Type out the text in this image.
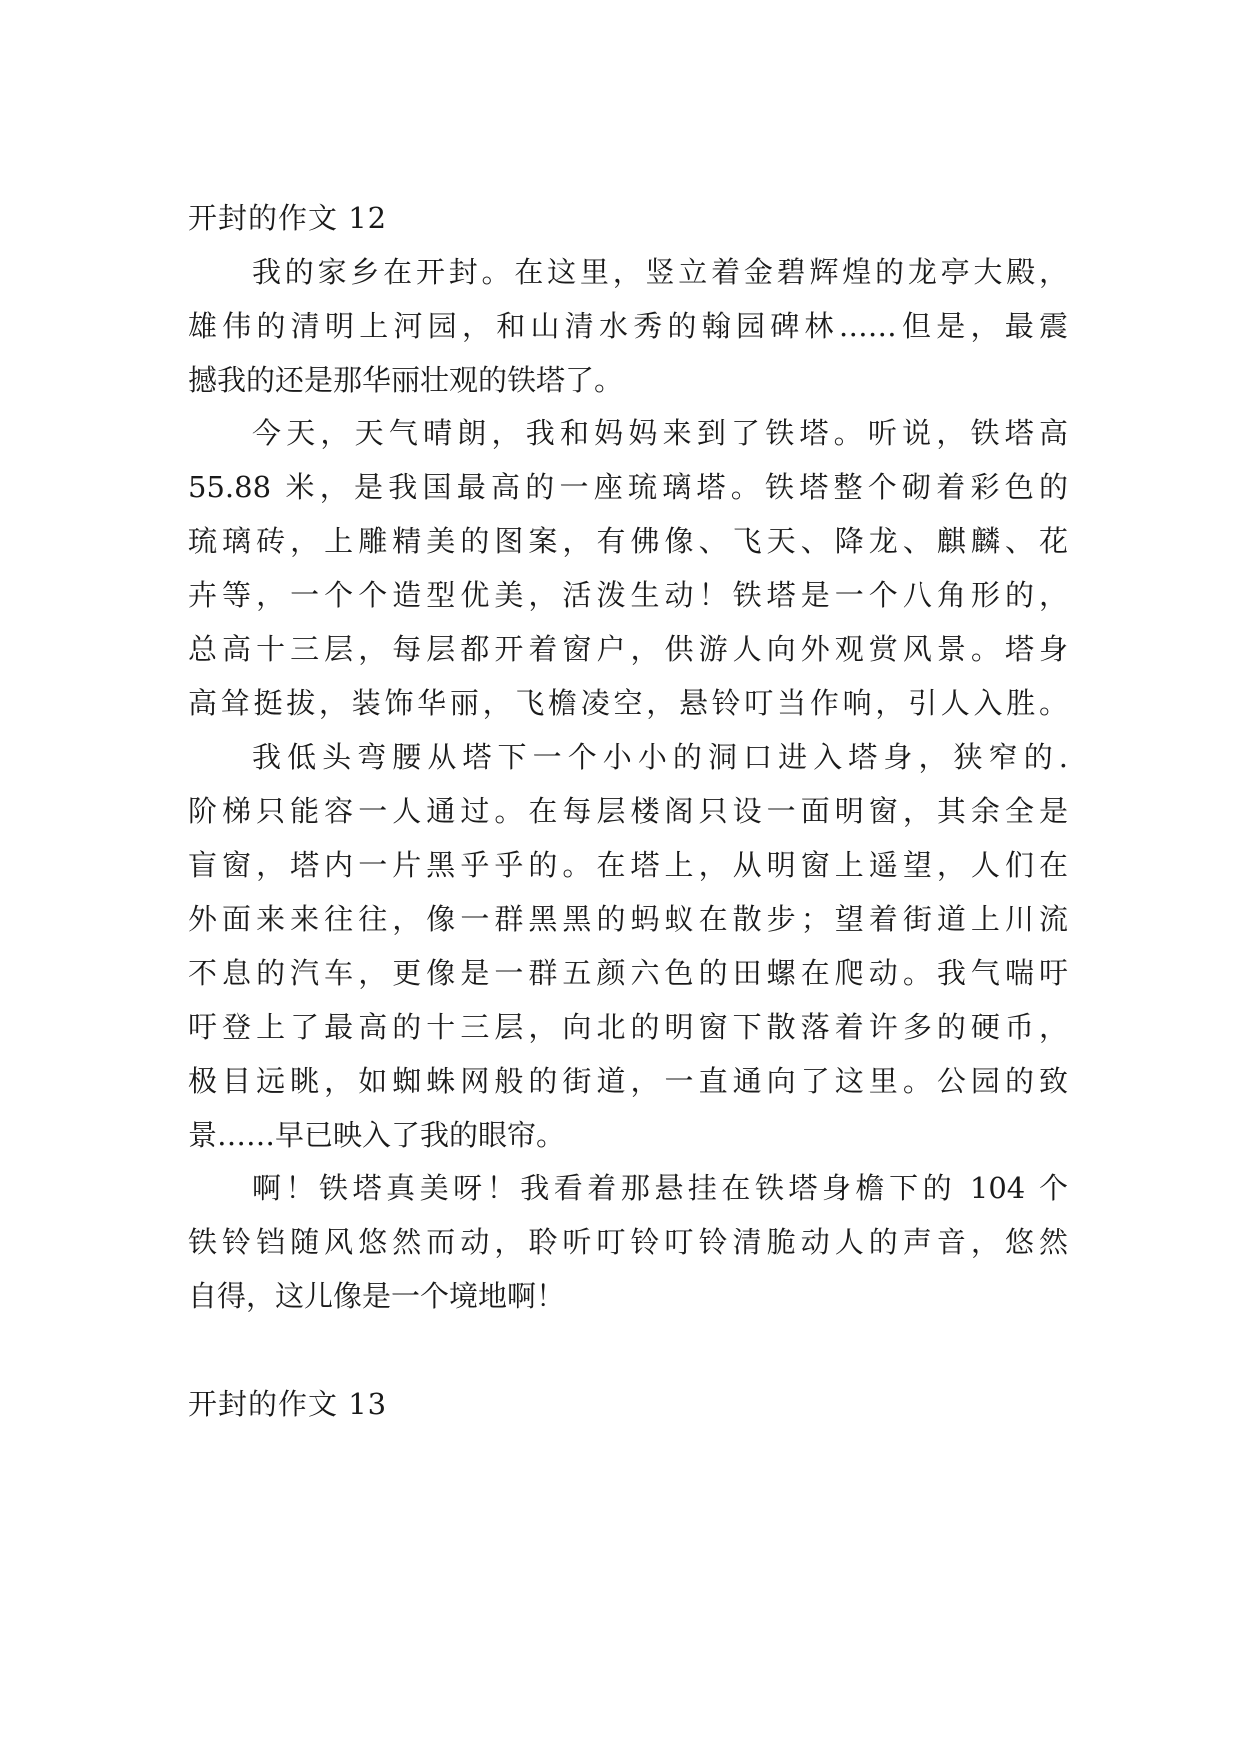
开封的作文 12
我的家乡在开封。在这里，竖立着金碧辉煌的龙亭大殿，
雄伟的清明上河园，和山清水秀的翰园碑林……但是，最震
撼我的还是那华丽壮观的铁塔了。
今天，天气晴朗，我和妈妈来到了铁塔。听说，铁塔高
55.88 米，是我国最高的一座琉璃塔。铁塔整个砌着彩色的
琉璃砖，上雕精美的图案，有佛像、飞天、降龙、麒麟、花
卉等，一个个造型优美，活泼生动！铁塔是一个八角形的，
总高十三层，每层都开着窗户，供游人向外观赏风景。塔身
高耸挺拔，装饰华丽，飞檐凌空，悬铃叮当作响，引人入胜。
我低头弯腰从塔下一个小小的洞口进入塔身，狭窄的.
阶梯只能容一人通过。在每层楼阁只设一面明窗，其余全是
盲窗，塔内一片黑乎乎的。在塔上，从明窗上遥望，人们在
外面来来往往，像一群黑黑的蚂蚁在散步；望着街道上川流
不息的汽车，更像是一群五颜六色的田螺在爬动。我气喘吁
吁登上了最高的十三层，向北的明窗下散落着许多的硬币，
极目远眺，如蜘蛛网般的街道，一直通向了这里。公园的致
景……早已映入了我的眼帘。
啊！铁塔真美呀！我看着那悬挂在铁塔身檐下的 104 个
铁铃铛随风悠然而动，聆听叮铃叮铃清脆动人的声音，悠然
自得，这儿像是一个境地啊！
开封的作文 13
